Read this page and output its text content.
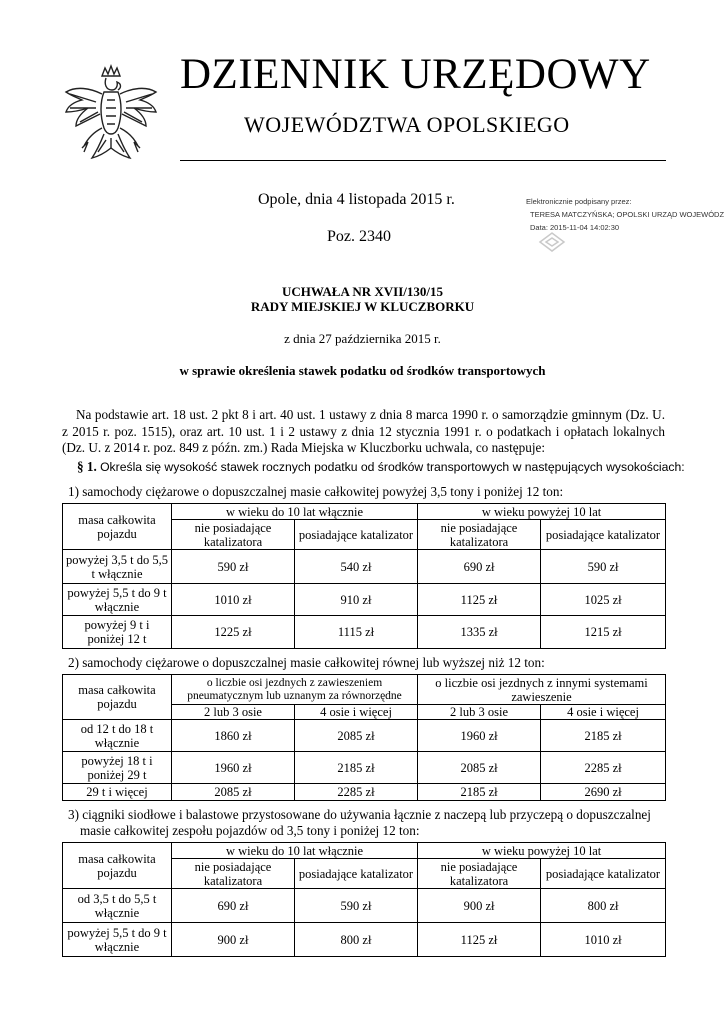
DZIENNIK URZĘDOWY
WOJEWÓDZTWA OPOLSKIEGO
Opole, dnia 4 listopada 2015 r.
Poz. 2340
Elektronicznie podpisany przez:
TERESA MATCZYŃSKA; OPOLSKI URZĄD WOJEWÓDZ
Data: 2015-11-04 14:02:30
UCHWAŁA NR XVII/130/15
RADY MIEJSKIEJ W KLUCZBORKU
z dnia 27 października 2015 r.
w sprawie określenia stawek podatku od środków transportowych
Na podstawie art. 18 ust. 2 pkt 8 i art. 40 ust. 1 ustawy z dnia 8 marca 1990 r. o samorządzie gminnym (Dz. U. z 2015 r. poz. 1515), oraz art. 10 ust. 1 i 2 ustawy z dnia 12 stycznia 1991 r. o podatkach i opłatach lokalnych (Dz. U. z 2014 r. poz. 849 z późn. zm.) Rada Miejska w Kluczborku uchwala, co następuje:
§ 1. Określa się wysokość stawek rocznych podatku od środków transportowych w następujących wysokościach:
1) samochody ciężarowe o dopuszczalnej masie całkowitej powyżej 3,5 tony i poniżej 12 ton:
masa całkowita pojazdu	w wieku do 10 lat włącznie		w wieku powyżej 10 lat	
	nie posiadające katalizatora	posiadające katalizator	nie posiadające katalizatora	posiadające katalizator
powyżej 3,5 t do 5,5 t włącznie	590 zł	540 zł	690 zł	590 zł
powyżej 5,5 t do 9 t włącznie	1010 zł	910 zł	1125 zł	1025 zł
powyżej 9 t i poniżej 12 t	1225 zł	1115 zł	1335 zł	1215 zł
2) samochody ciężarowe o dopuszczalnej masie całkowitej równej lub wyższej niż 12 ton:
masa całkowita pojazdu	o liczbie osi jezdnych z zawieszeniem pneumatycznym lub uznanym za równorzędne		o liczbie osi jezdnych z innymi systemami zawieszenie	
	2 lub 3 osie	4 osie i więcej	2 lub 3 osie	4 osie i więcej
od 12 t do 18 t włącznie	1860 zł	2085 zł	1960 zł	2185 zł
powyżej 18 t i poniżej 29 t	1960 zł	2185 zł	2085 zł	2285 zł
29 t i więcej	2085 zł	2285 zł	2185 zł	2690 zł
3) ciągniki siodłowe i balastowe przystosowane do używania łącznie z naczepą lub przyczepą o dopuszczalnej
masie całkowitej zespołu pojazdów od 3,5 tony i poniżej 12 ton:
masa całkowita pojazdu	w wieku do 10 lat włącznie		w wieku powyżej 10 lat	
	nie posiadające katalizatora	posiadające katalizator	nie posiadające katalizatora	posiadające katalizator
od 3,5 t do 5,5 t włącznie	690 zł	590 zł	900 zł	800 zł
powyżej 5,5 t do 9 t włącznie	900 zł	800 zł	1125 zł	1010 zł
